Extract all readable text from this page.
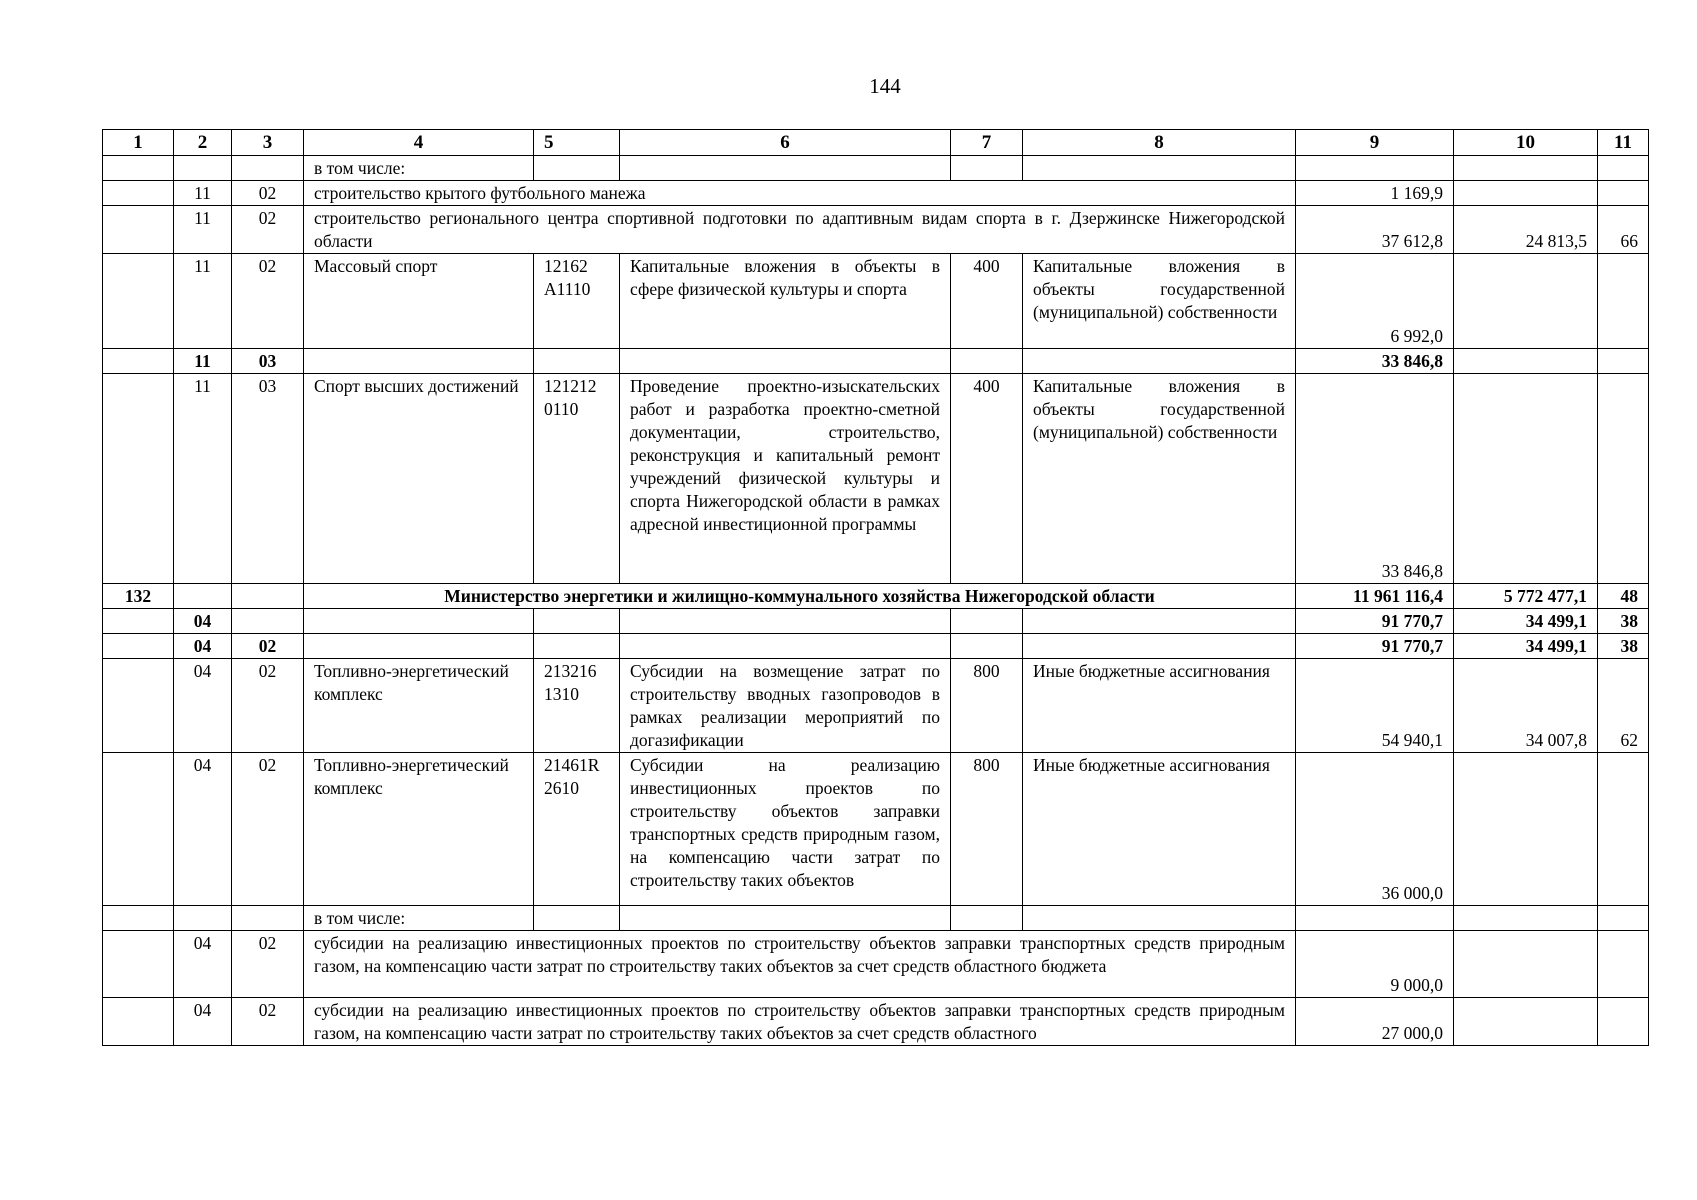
144
1	2	3	4	5	6	7	8	9	10	11
			в том числе:							
	11	02	строительство крытого футбольного манежа					1 169,9		
	11	02	строительство регионального центра спортивной подготовки по адаптивным видам спорта в г. Дзержинске Нижегородской области					37 612,8	24 813,5	66
	11	02	Массовый спорт	12162 А1110	Капитальные вложения в объекты в сфере физической культуры и спорта	400	Капитальные вложения в объекты государственной (муниципальной) собственности	6 992,0		
	11	03						33 846,8		
	11	03	Спорт высших достижений	121212 0110	Проведение проектно-изыскательских работ и разработка проектно-сметной документации, строительство, реконструкция и капитальный ремонт учреждений физической культуры и спорта Нижегородской области в рамках адресной инвестиционной программы	400	Капитальные вложения в объекты государственной (муниципальной) собственности	33 846,8		
132			Министерство энергетики и жилищно-коммунального хозяйства Нижегородской области					11 961 116,4	5 772 477,1	48
	04							91 770,7	34 499,1	38
	04	02						91 770,7	34 499,1	38
	04	02	Топливно-энергетический комплекс	213216 1310	Субсидии на возмещение затрат по строительству вводных газопроводов в рамках реализации мероприятий по догазификации	800	Иные бюджетные ассигнования	54 940,1	34 007,8	62
	04	02	Топливно-энергетический комплекс	21461R 2610	Субсидии на реализацию инвестиционных проектов по строительству объектов заправки транспортных средств природным газом, на компенсацию части затрат по строительству таких объектов	800	Иные бюджетные ассигнования	36 000,0		
			в том числе:							
	04	02	субсидии на реализацию инвестиционных проектов по строительству объектов заправки транспортных средств природным газом, на компенсацию части затрат по строительству таких объектов за счет средств областного бюджета					9 000,0		
	04	02	субсидии на реализацию инвестиционных проектов по строительству объектов заправки транспортных средств природным газом, на компенсацию части затрат по строительству таких объектов за счет средств областного					27 000,0		
